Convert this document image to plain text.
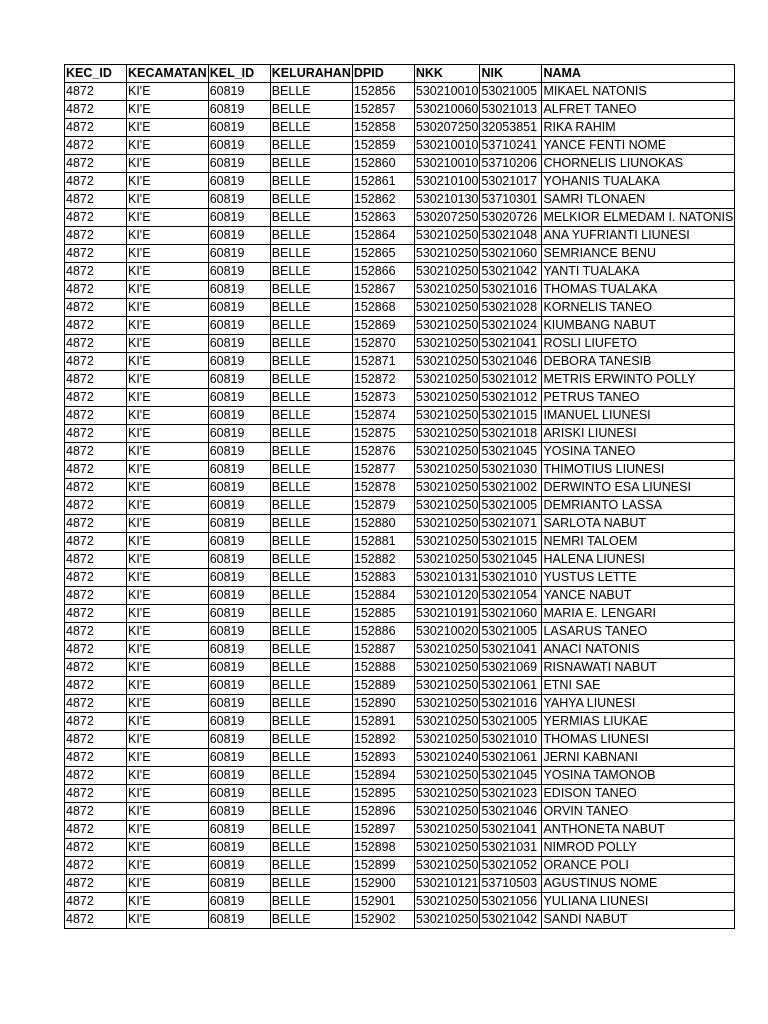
KEC_ID	KECAMATAN	KEL_ID	KELURAHAN	DPID	NKK	NIK	NAMA
4872	KI'E	60819	BELLE	152856	530210010	53021005	MIKAEL NATONIS
4872	KI'E	60819	BELLE	152857	530210060	53021013	ALFRET TANEO
4872	KI'E	60819	BELLE	152858	530207250	32053851	RIKA RAHIM
4872	KI'E	60819	BELLE	152859	530210010	53710241	YANCE FENTI NOME
4872	KI'E	60819	BELLE	152860	530210010	53710206	CHORNELIS LIUNOKAS
4872	KI'E	60819	BELLE	152861	530210100	53021017	YOHANIS TUALAKA
4872	KI'E	60819	BELLE	152862	530210130	53710301	SAMRI TLONAEN
4872	KI'E	60819	BELLE	152863	530207250	53020726	MELKIOR ELMEDAM I. NATONIS
4872	KI'E	60819	BELLE	152864	530210250	53021048	ANA YUFRIANTI LIUNESI
4872	KI'E	60819	BELLE	152865	530210250	53021060	SEMRIANCE BENU
4872	KI'E	60819	BELLE	152866	530210250	53021042	YANTI TUALAKA
4872	KI'E	60819	BELLE	152867	530210250	53021016	THOMAS TUALAKA
4872	KI'E	60819	BELLE	152868	530210250	53021028	KORNELIS TANEO
4872	KI'E	60819	BELLE	152869	530210250	53021024	KIUMBANG NABUT
4872	KI'E	60819	BELLE	152870	530210250	53021041	ROSLI LIUFETO
4872	KI'E	60819	BELLE	152871	530210250	53021046	DEBORA TANESIB
4872	KI'E	60819	BELLE	152872	530210250	53021012	METRIS ERWINTO POLLY
4872	KI'E	60819	BELLE	152873	530210250	53021012	PETRUS TANEO
4872	KI'E	60819	BELLE	152874	530210250	53021015	IMANUEL LIUNESI
4872	KI'E	60819	BELLE	152875	530210250	53021018	ARISKI LIUNESI
4872	KI'E	60819	BELLE	152876	530210250	53021045	YOSINA TANEO
4872	KI'E	60819	BELLE	152877	530210250	53021030	THIMOTIUS LIUNESI
4872	KI'E	60819	BELLE	152878	530210250	53021002	DERWINTO ESA LIUNESI
4872	KI'E	60819	BELLE	152879	530210250	53021005	DEMRIANTO LASSA
4872	KI'E	60819	BELLE	152880	530210250	53021071	SARLOTA NABUT
4872	KI'E	60819	BELLE	152881	530210250	53021015	NEMRI TALOEM
4872	KI'E	60819	BELLE	152882	530210250	53021045	HALENA LIUNESI
4872	KI'E	60819	BELLE	152883	530210131	53021010	YUSTUS LETTE
4872	KI'E	60819	BELLE	152884	530210120	53021054	YANCE NABUT
4872	KI'E	60819	BELLE	152885	530210191	53021060	MARIA E. LENGARI
4872	KI'E	60819	BELLE	152886	530210020	53021005	LASARUS TANEO
4872	KI'E	60819	BELLE	152887	530210250	53021041	ANACI NATONIS
4872	KI'E	60819	BELLE	152888	530210250	53021069	RISNAWATI NABUT
4872	KI'E	60819	BELLE	152889	530210250	53021061	ETNI SAE
4872	KI'E	60819	BELLE	152890	530210250	53021016	YAHYA LIUNESI
4872	KI'E	60819	BELLE	152891	530210250	53021005	YERMIAS LIUKAE
4872	KI'E	60819	BELLE	152892	530210250	53021010	THOMAS LIUNESI
4872	KI'E	60819	BELLE	152893	530210240	53021061	JERNI KABNANI
4872	KI'E	60819	BELLE	152894	530210250	53021045	YOSINA TAMONOB
4872	KI'E	60819	BELLE	152895	530210250	53021023	EDISON TANEO
4872	KI'E	60819	BELLE	152896	530210250	53021046	ORVIN TANEO
4872	KI'E	60819	BELLE	152897	530210250	53021041	ANTHONETA NABUT
4872	KI'E	60819	BELLE	152898	530210250	53021031	NIMROD POLLY
4872	KI'E	60819	BELLE	152899	530210250	53021052	ORANCE POLI
4872	KI'E	60819	BELLE	152900	530210121	53710503	AGUSTINUS NOME
4872	KI'E	60819	BELLE	152901	530210250	53021056	YULIANA LIUNESI
4872	KI'E	60819	BELLE	152902	530210250	53021042	SANDI NABUT
